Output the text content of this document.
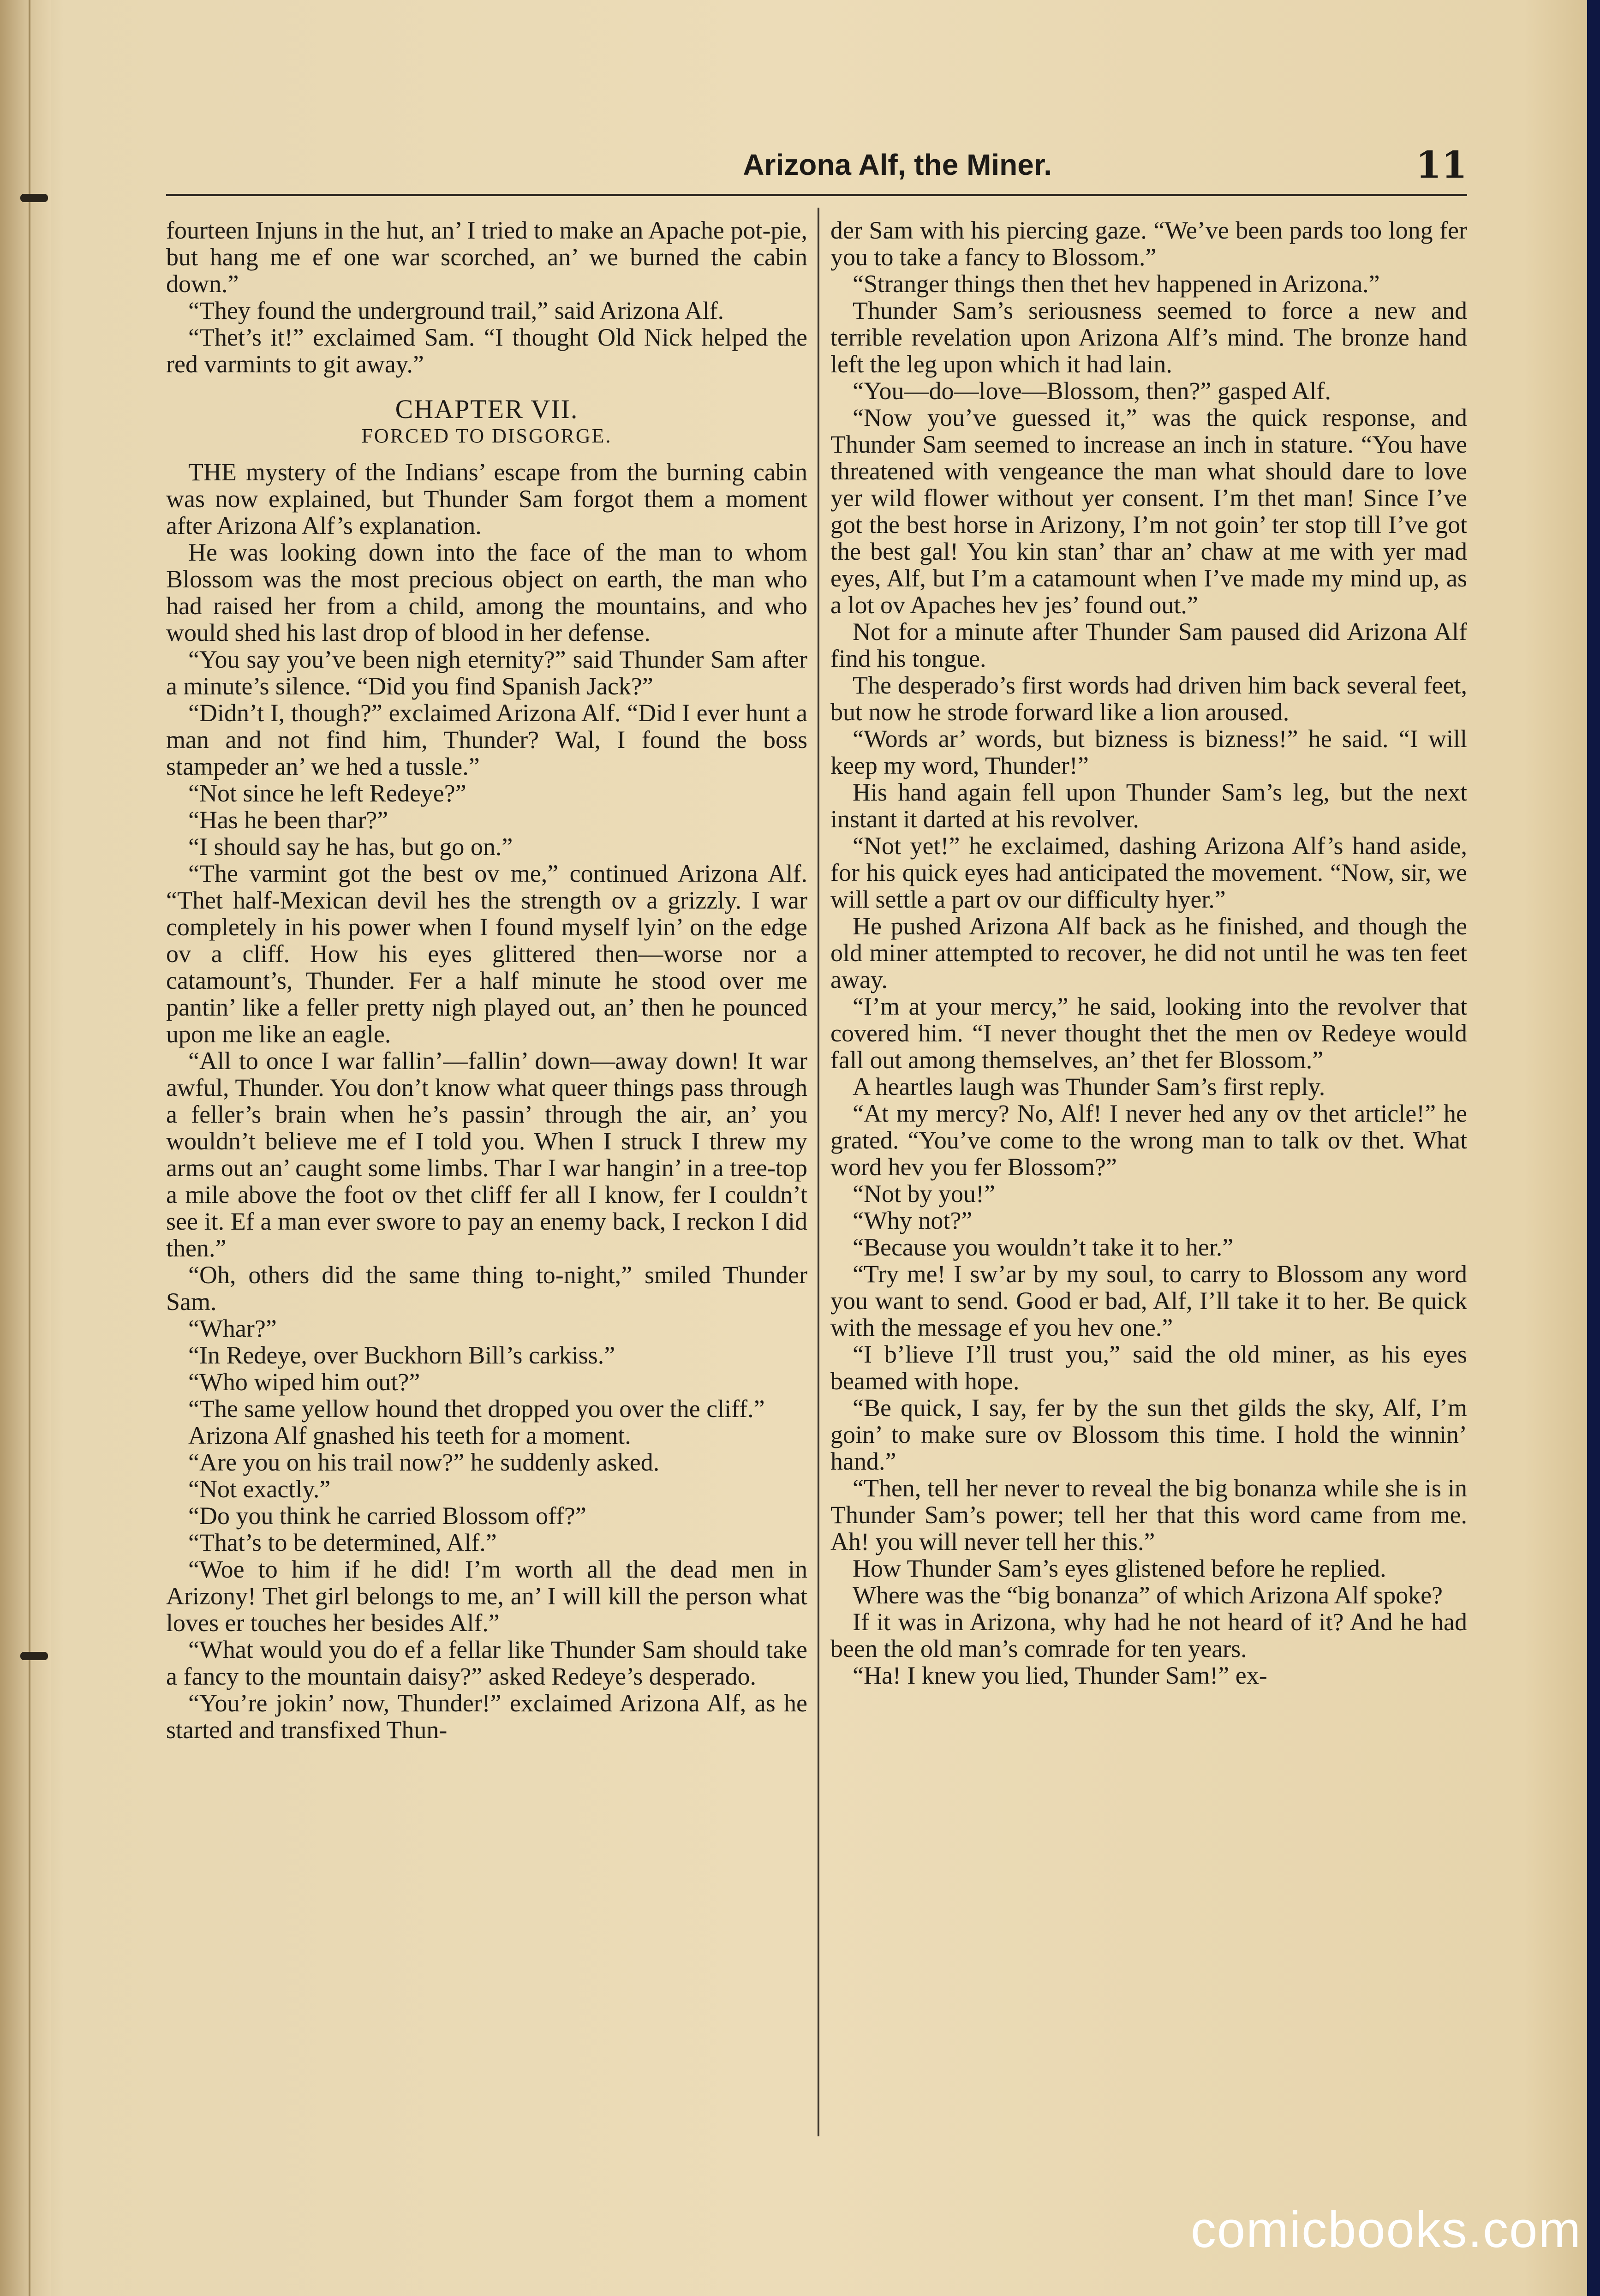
Arizona Alf, the Miner.	11

fourteen Injuns in the hut, an’ I tried to make an Apache pot-pie, but hang me ef one war scorched, an’ we burned the cabin down.”

“They found the underground trail,” said Arizona Alf.

“Thet’s it!” exclaimed Sam. “I thought Old Nick helped the red varmints to git away.”

CHAPTER VII.

FORCED TO DISGORGE.

THE mystery of the Indians’ escape from the burning cabin was now explained, but Thunder Sam forgot them a moment after Arizona Alf’s explanation.

He was looking down into the face of the man to whom Blossom was the most precious object on earth, the man who had raised her from a child, among the mountains, and who would shed his last drop of blood in her defense.

“You say you’ve been nigh eternity?” said Thunder Sam after a minute’s silence. “Did you find Spanish Jack?”

“Didn’t I, though?” exclaimed Arizona Alf. “Did I ever hunt a man and not find him, Thunder? Wal, I found the boss stampeder an’ we hed a tussle.”

“Not since he left Redeye?”

“Has he been thar?”

“I should say he has, but go on.”

“The varmint got the best ov me,” continued Arizona Alf. “Thet half-Mexican devil hes the strength ov a grizzly. I war completely in his power when I found myself lyin’ on the edge ov a cliff. How his eyes glittered then—worse nor a catamount’s, Thunder. Fer a half minute he stood over me pantin’ like a feller pretty nigh played out, an’ then he pounced upon me like an eagle.

“All to once I war fallin’—fallin’ down—away down! It war awful, Thunder. You don’t know what queer things pass through a feller’s brain when he’s passin’ through the air, an’ you wouldn’t believe me ef I told you. When I struck I threw my arms out an’ caught some limbs. Thar I war hangin’ in a tree-top a mile above the foot ov thet cliff fer all I know, fer I couldn’t see it. Ef a man ever swore to pay an enemy back, I reckon I did then.”

“Oh, others did the same thing to-night,” smiled Thunder Sam.

“Whar?”

“In Redeye, over Buckhorn Bill’s carkiss.”

“Who wiped him out?”

“The same yellow hound thet dropped you over the cliff.”

Arizona Alf gnashed his teeth for a moment.

“Are you on his trail now?” he suddenly asked.

“Not exactly.”

“Do you think he carried Blossom off?”

“That’s to be determined, Alf.”

“Woe to him if he did! I’m worth all the dead men in Arizony! Thet girl belongs to me, an’ I will kill the person what loves er touches her besides Alf.”

“What would you do ef a fellar like Thunder Sam should take a fancy to the mountain daisy?” asked Redeye’s desperado.

“You’re jokin’ now, Thunder!” exclaimed Arizona Alf, as he started and transfixed Thun-

der Sam with his piercing gaze. “We’ve been pards too long fer you to take a fancy to Blossom.”

“Stranger things then thet hev happened in Arizona.”

Thunder Sam’s seriousness seemed to force a new and terrible revelation upon Arizona Alf’s mind. The bronze hand left the leg upon which it had lain.

“You—do—love—Blossom, then?” gasped Alf.

“Now you’ve guessed it,” was the quick response, and Thunder Sam seemed to increase an inch in stature. “You have threatened with vengeance the man what should dare to love yer wild flower without yer consent. I’m thet man! Since I’ve got the best horse in Arizony, I’m not goin’ ter stop till I’ve got the best gal! You kin stan’ thar an’ chaw at me with yer mad eyes, Alf, but I’m a catamount when I’ve made my mind up, as a lot ov Apaches hev jes’ found out.”

Not for a minute after Thunder Sam paused did Arizona Alf find his tongue.

The desperado’s first words had driven him back several feet, but now he strode forward like a lion aroused.

“Words ar’ words, but bizness is bizness!” he said. “I will keep my word, Thunder!”

His hand again fell upon Thunder Sam’s leg, but the next instant it darted at his revolver.

“Not yet!” he exclaimed, dashing Arizona Alf’s hand aside, for his quick eyes had anticipated the movement. “Now, sir, we will settle a part ov our difficulty hyer.”

He pushed Arizona Alf back as he finished, and though the old miner attempted to recover, he did not until he was ten feet away.

“I’m at your mercy,” he said, looking into the revolver that covered him. “I never thought thet the men ov Redeye would fall out among themselves, an’ thet fer Blossom.”

A heartles laugh was Thunder Sam’s first reply.

“At my mercy? No, Alf! I never hed any ov thet article!” he grated. “You’ve come to the wrong man to talk ov thet. What word hev you fer Blossom?”

“Not by you!”

“Why not?”

“Because you wouldn’t take it to her.”

“Try me! I sw’ar by my soul, to carry to Blossom any word you want to send. Good er bad, Alf, I’ll take it to her. Be quick with the message ef you hev one.”

“I b’lieve I’ll trust you,” said the old miner, as his eyes beamed with hope.

“Be quick, I say, fer by the sun thet gilds the sky, Alf, I’m goin’ to make sure ov Blossom this time. I hold the winnin’ hand.”

“Then, tell her never to reveal the big bonanza while she is in Thunder Sam’s power; tell her that this word came from me. Ah! you will never tell her this.”

How Thunder Sam’s eyes glistened before he replied.

Where was the “big bonanza” of which Arizona Alf spoke?

If it was in Arizona, why had he not heard of it? And he had been the old man’s comrade for ten years.

“Ha! I knew you lied, Thunder Sam!” ex-

comicbooks.com
